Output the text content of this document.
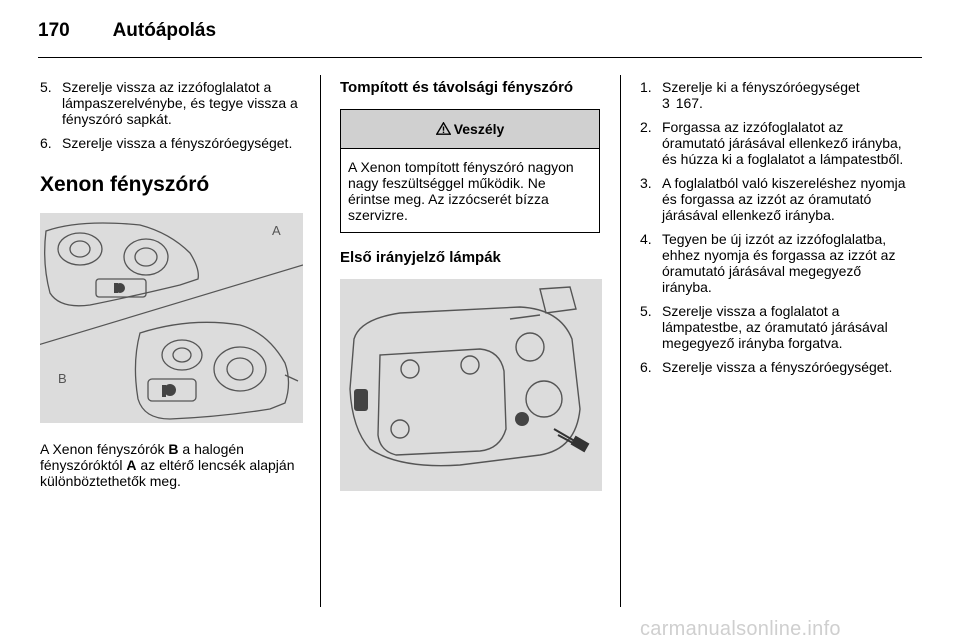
170 Autóápolás
5. Szerelje vissza az izzófoglalatot a lámpaszerelvénybe, és tegye vissza a fényszóró sapkát.
6. Szerelje vissza a fényszóróegységet.
Xenon fényszóró
A
B
A Xenon fényszórók B a halogén fényszóróktól A az eltérő lencsék alapján különböztethetők meg.
Tompított és távolsági fényszóró
Veszély
A Xenon tompított fényszóró nagyon nagy feszültséggel működik. Ne érintse meg. Az izzócserét bízza szervizre.
Első irányjelző lámpák
1. Szerelje ki a fényszóróegységet
3 167.
2. Forgassa az izzófoglalatot az óramutató járásával ellenkező irányba, és húzza ki a foglalatot a lámpatestből.
3. A foglalatból való kiszereléshez nyomja és forgassa az izzót az óramutató járásával ellenkező irányba.
4. Tegyen be új izzót az izzófoglalatba, ehhez nyomja és forgassa az izzót az óramutató járásával megegyező irányba.
5. Szerelje vissza a foglalatot a lámpatestbe, az óramutató járásával megegyező irányba forgatva.
6. Szerelje vissza a fényszóróegységet.
carmanualsonline.info
